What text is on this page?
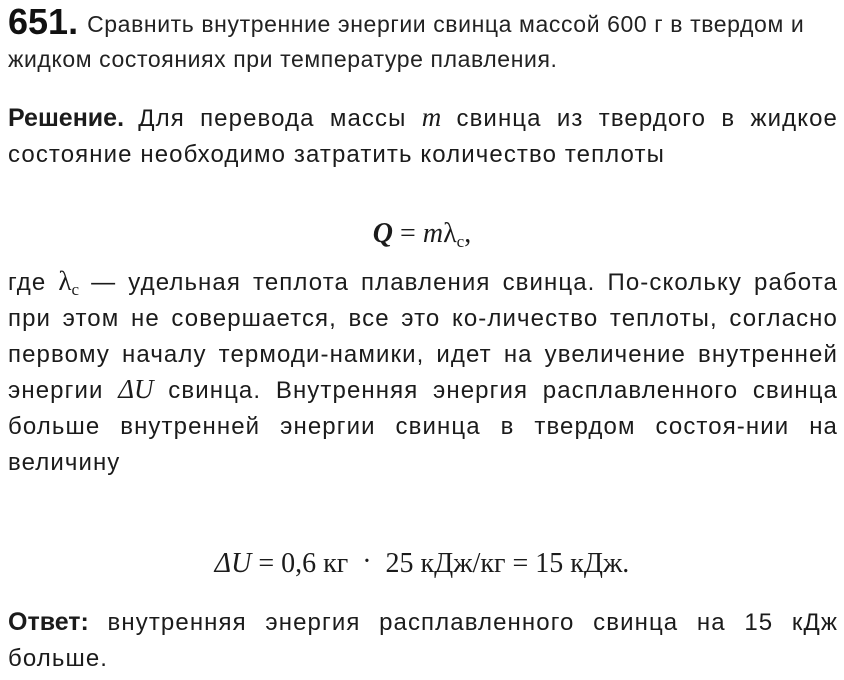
651. Сравнить внутренние энергии свинца массой 600 г в твердом и жидком состояниях при температуре плавления.
Решение. Для перевода массы m свинца из твердого в жидкое состояние необходимо затратить количество теплоты
$Q = m\lambda_с$,
где $\lambda_с$ — удельная теплота плавления свинца. По-скольку работа при этом не совершается, все это ко-личество теплоты, согласно первому началу термоди-намики, идет на увеличение внутренней энергии ΔU свинца. Внутренняя энергия расплавленного свинца больше внутренней энергии свинца в твердом состоя-нии на величину
ΔU = 0,6 кг · 25 кДж/кг = 15 кДж.
Ответ: внутренняя энергия расплавленного свинца на 15 кДж больше.
